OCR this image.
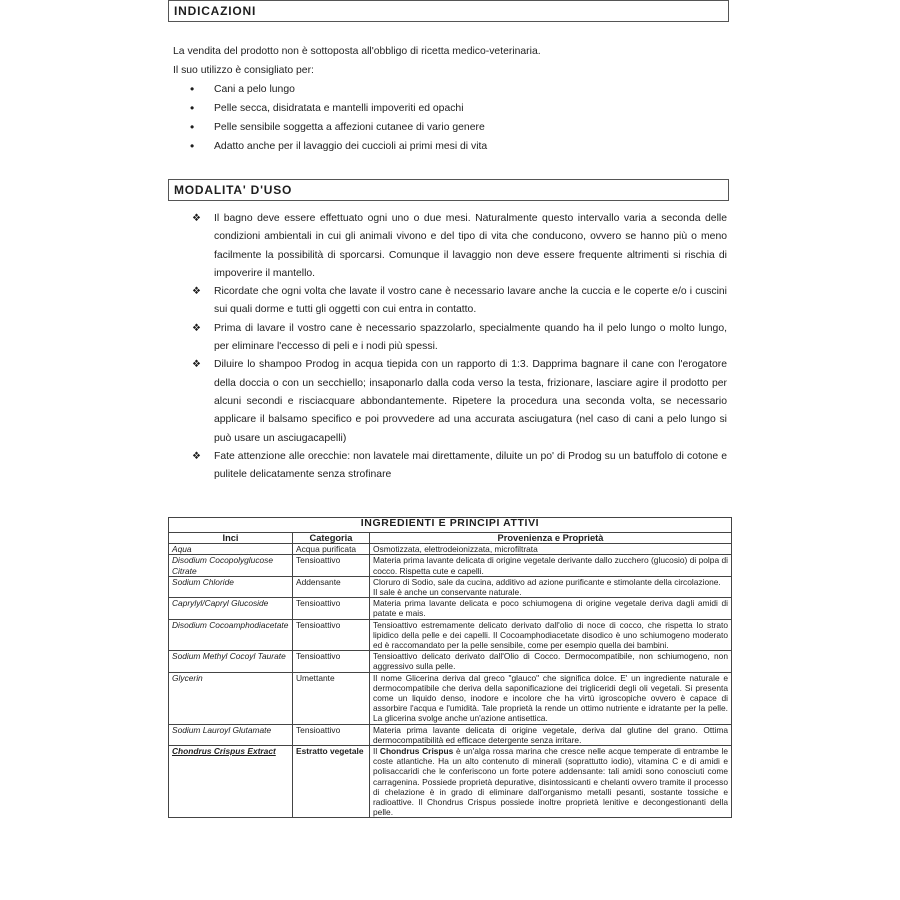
INDICAZIONI
La vendita del prodotto non è sottoposta all'obbligo di ricetta medico-veterinaria.
Il suo utilizzo è consigliato per:
• Cani a pelo lungo
• Pelle secca, disidratata e mantelli impoveriti ed opachi
• Pelle sensibile soggetta a affezioni cutanee di vario genere
• Adatto anche per il lavaggio dei cuccioli ai primi mesi di vita
MODALITA' D'USO
❖ Il bagno deve essere effettuato ogni uno o due mesi. Naturalmente questo intervallo varia a seconda delle condizioni ambientali in cui gli animali vivono e del tipo di vita che conducono, ovvero se hanno più o meno facilmente la possibilità di sporcarsi. Comunque il lavaggio non deve essere frequente altrimenti si rischia di impoverire il mantello.
❖ Ricordate che ogni volta che lavate il vostro cane è necessario lavare anche la cuccia e le coperte e/o i cuscini sui quali dorme e tutti gli oggetti con cui entra in contatto.
❖ Prima di lavare il vostro cane è necessario spazzolarlo, specialmente quando ha il pelo lungo o molto lungo, per eliminare l'eccesso di peli e i nodi più spessi.
❖ Diluire lo shampoo Prodog in acqua tiepida con un rapporto di 1:3. Dapprima bagnare il cane con l'erogatore della doccia o con un secchiello; insaponarlo dalla coda verso la testa, frizionare, lasciare agire il prodotto per alcuni secondi e risciacquare abbondantemente. Ripetere la procedura una seconda volta, se necessario applicare il balsamo specifico e poi provvedere ad una accurata asciugatura (nel caso di cani a pelo lungo si può usare un asciugacapelli)
❖ Fate attenzione alle orecchie: non lavatele mai direttamente, diluite un po' di Prodog su un batuffolo di cotone e pulitele delicatamente senza strofinare
INGREDIENTI E PRINCIPI ATTIVI		
Inci	Categoria	Provenienza e Proprietà
Aqua	Acqua purificata	Osmotizzata, elettrodeionizzata, microfiltrata
Disodium Cocopolyglucose Citrate	Tensioattivo	Materia prima lavante delicata di origine vegetale derivante dallo zucchero (glucosio) di polpa di cocco. Rispetta cute e capelli.
Sodium Chloride	Addensante	Cloruro di Sodio, sale da cucina, additivo ad azione purificante e stimolante della circolazione.
Il sale è anche un conservante naturale.
Caprylyl/Capryl Glucoside	Tensioattivo	Materia prima lavante delicata e poco schiumogena di origine vegetale deriva dagli amidi di patate e mais.
Disodium Cocoamphodiacetate	Tensioattivo	Tensioattivo estremamente delicato derivato dall'olio di noce di cocco, che rispetta lo strato lipidico della pelle e dei capelli. Il Cocoamphodiacetate disodico è uno schiumogeno moderato ed è raccomandato per la pelle sensibile, come per esempio quella dei bambini.
Sodium Methyl Cocoyl Taurate	Tensioattivo	Tensioattivo delicato derivato dall'Olio di Cocco. Dermocompatibile, non schiumogeno, non aggressivo sulla pelle.
Glycerin	Umettante	Il nome Glicerina deriva dal greco "glauco" che significa dolce. E' un ingrediente naturale e dermocompatibile che deriva della saponificazione dei trigliceridi degli oli vegetali. Si presenta come un liquido denso, inodore e incolore che ha virtù igroscopiche ovvero è capace di assorbire l'acqua e l'umidità. Tale proprietà la rende un ottimo nutriente e idratante per la pelle. La glicerina svolge anche un'azione antisettica.
Sodium Lauroyl Glutamate	Tensioattivo	Materia prima lavante delicata di origine vegetale, deriva dal glutine del grano. Ottima dermocompatibilità ed efficace detergente senza irritare.
Chondrus Crispus Extract	Estratto vegetale	Il Chondrus Crispus è un'alga rossa marina che cresce nelle acque temperate di entrambe le coste atlantiche. Ha un alto contenuto di minerali (soprattutto iodio), vitamina C e di amidi e polisaccaridi che le conferiscono un forte potere addensante: tali amidi sono conosciuti come carragenina. Possiede proprietà depurative, disintossicanti e chelanti ovvero tramite il processo di chelazione è in grado di eliminare dall'organismo metalli pesanti, sostante tossiche e radioattive. Il Chondrus Crispus possiede inoltre proprietà lenitive e decongestionanti della pelle.
